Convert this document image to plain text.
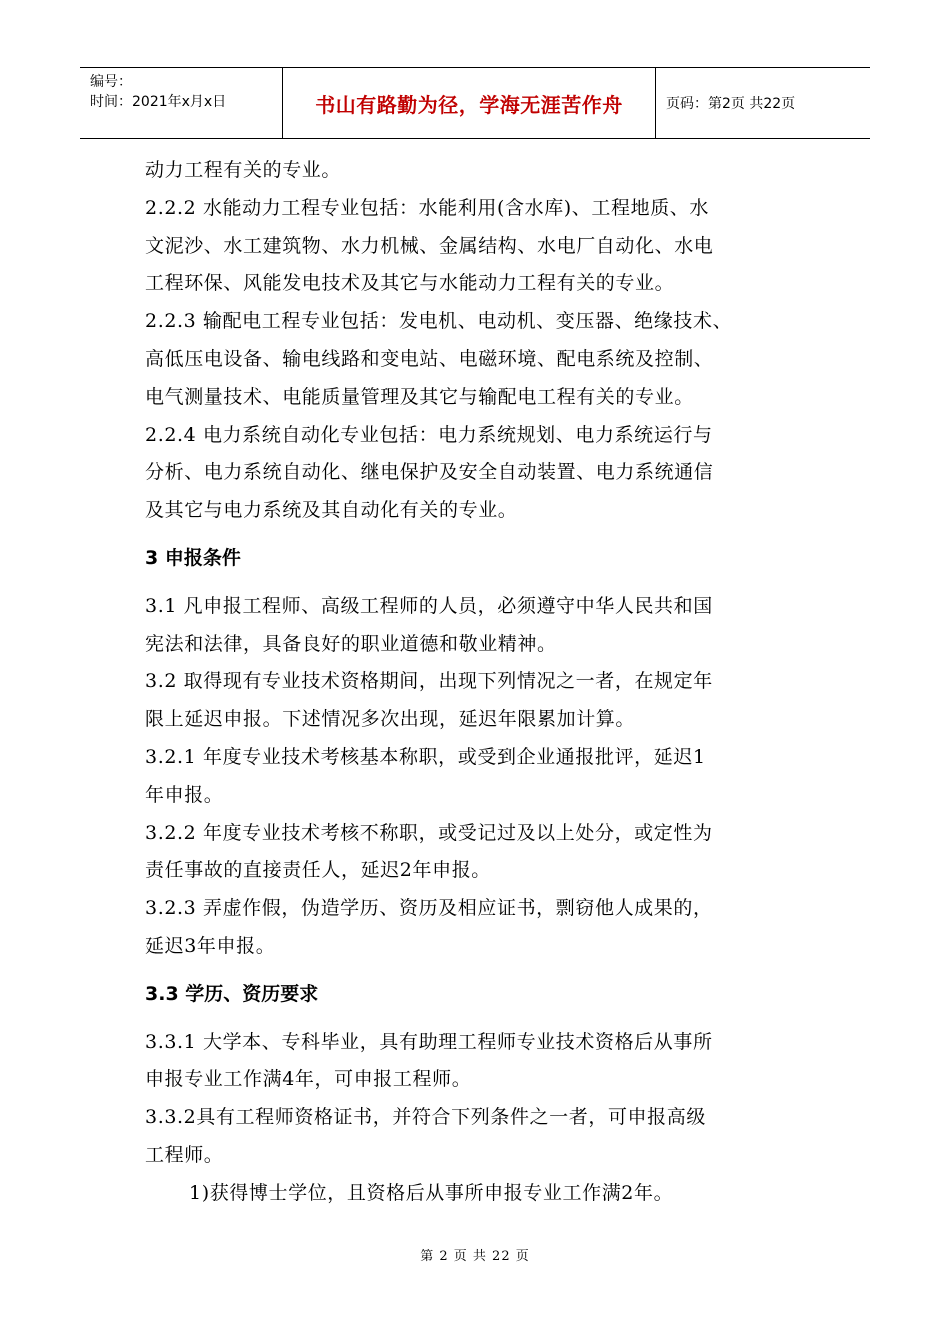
编号：
时间：2021年x月x日	书山有路勤为径，学海无涯苦作舟	页码：第2页 共22页

动力工程有关的专业。

2.2.2 水能动力工程专业包括：水能利用(含水库)、工程地质、水

文泥沙、水工建筑物、水力机械、金属结构、水电厂自动化、水电

工程环保、风能发电技术及其它与水能动力工程有关的专业。

2.2.3 输配电工程专业包括：发电机、电动机、变压器、绝缘技术、

高低压电设备、输电线路和变电站、电磁环境、配电系统及控制、

电气测量技术、电能质量管理及其它与输配电工程有关的专业。

2.2.4 电力系统自动化专业包括：电力系统规划、电力系统运行与

分析、电力系统自动化、继电保护及安全自动装置、电力系统通信

及其它与电力系统及其自动化有关的专业。

3 申报条件

3.1 凡申报工程师、高级工程师的人员，必须遵守中华人民共和国

宪法和法律，具备良好的职业道德和敬业精神。

3.2 取得现有专业技术资格期间，出现下列情况之一者，在规定年

限上延迟申报。下述情况多次出现，延迟年限累加计算。

3.2.1 年度专业技术考核基本称职，或受到企业通报批评，延迟1

年申报。

3.2.2 年度专业技术考核不称职，或受记过及以上处分，或定性为

责任事故的直接责任人，延迟2年申报。

3.2.3 弄虚作假，伪造学历、资历及相应证书，剽窃他人成果的，

延迟3年申报。

3.3 学历、资历要求

3.3.1 大学本、专科毕业，具有助理工程师专业技术资格后从事所

申报专业工作满4年，可申报工程师。

3.3.2具有工程师资格证书，并符合下列条件之一者，可申报高级

工程师。

1)获得博士学位，且资格后从事所申报专业工作满2年。

第 2 页 共 22 页
